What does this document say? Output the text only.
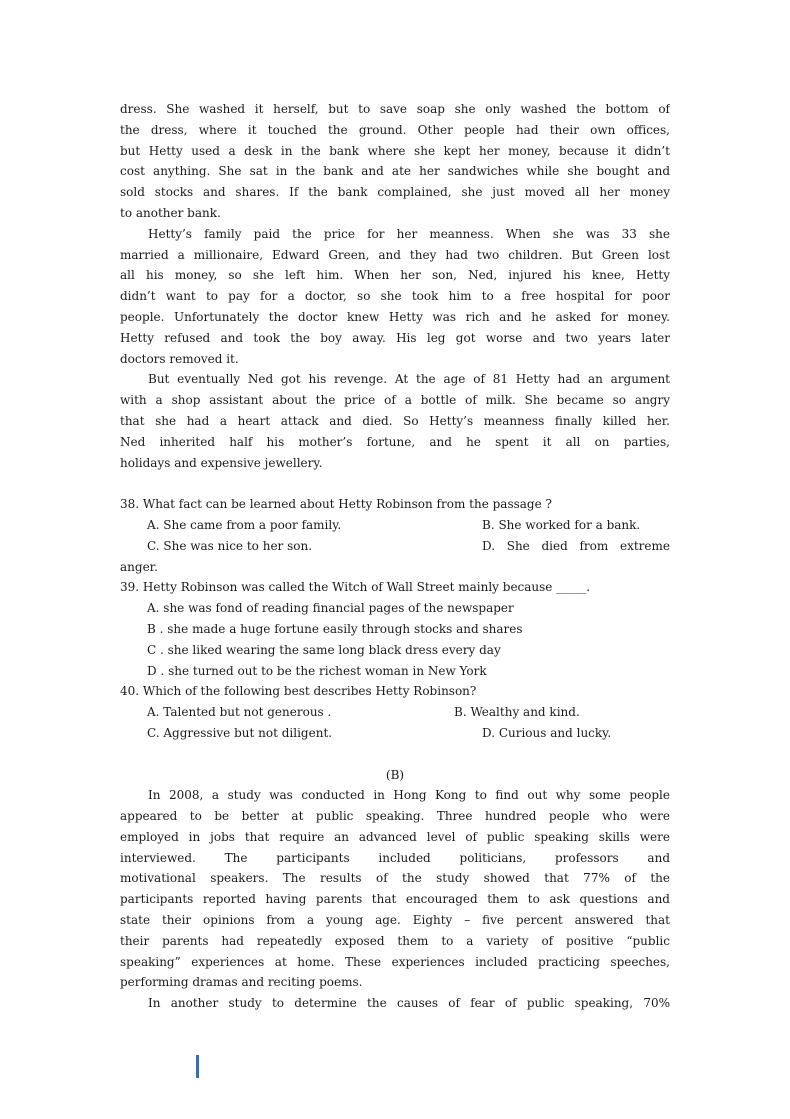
dress. She washed it herself, but to save soap she only washed the bottom of
the dress, where it touched the ground. Other people had their own offices,
but Hetty used a desk in the bank where she kept her money, because it didn’t
cost anything. She sat in the bank and ate her sandwiches while she bought and
sold stocks and shares. If the bank complained, she just moved all her money
to another bank.
Hetty’s family paid the price for her meanness. When she was 33 she
married a millionaire, Edward Green, and they had two children. But Green lost
all his money, so she left him. When her son, Ned, injured his knee, Hetty
didn’t want to pay for a doctor, so she took him to a free hospital for poor
people. Unfortunately the doctor knew Hetty was rich and he asked for money.
Hetty refused and took the boy away. His leg got worse and two years later
doctors removed it.
But eventually Ned got his revenge. At the age of 81 Hetty had an argument
with a shop assistant about the price of a bottle of milk. She became so angry
that she had a heart attack and died. So Hetty’s meanness finally killed her.
Ned inherited half his mother’s fortune, and he spent it all on parties,
holidays and expensive jewellery.
38. What fact can be learned about Hetty Robinson from the passage ?
A. She came from a poor family.	B. She worked for a bank.
C. She was nice to her son.	D. She died from extreme
anger.
39. Hetty Robinson was called the Witch of Wall Street mainly because _____.
A. she was fond of reading financial pages of the newspaper
B . she made a huge fortune easily through stocks and shares
C . she liked wearing the same long black dress every day
D . she turned out to be the richest woman in New York
40. Which of the following best describes Hetty Robinson?
A. Talented but not generous .	B. Wealthy and kind.
C. Aggressive but not diligent.	D. Curious and lucky.
(B)
In 2008, a study was conducted in Hong Kong to find out why some people
appeared to be better at public speaking. Three hundred people who were
employed in jobs that require an advanced level of public speaking skills were
interviewed. The participants included politicians, professors and
motivational speakers. The results of the study showed that 77% of the
participants reported having parents that encouraged them to ask questions and
state their opinions from a young age. Eighty – five percent answered that
their parents had repeatedly exposed them to a variety of positive “public
speaking” experiences at home. These experiences included practicing speeches,
performing dramas and reciting poems.
In another study to determine the causes of fear of public speaking, 70%
